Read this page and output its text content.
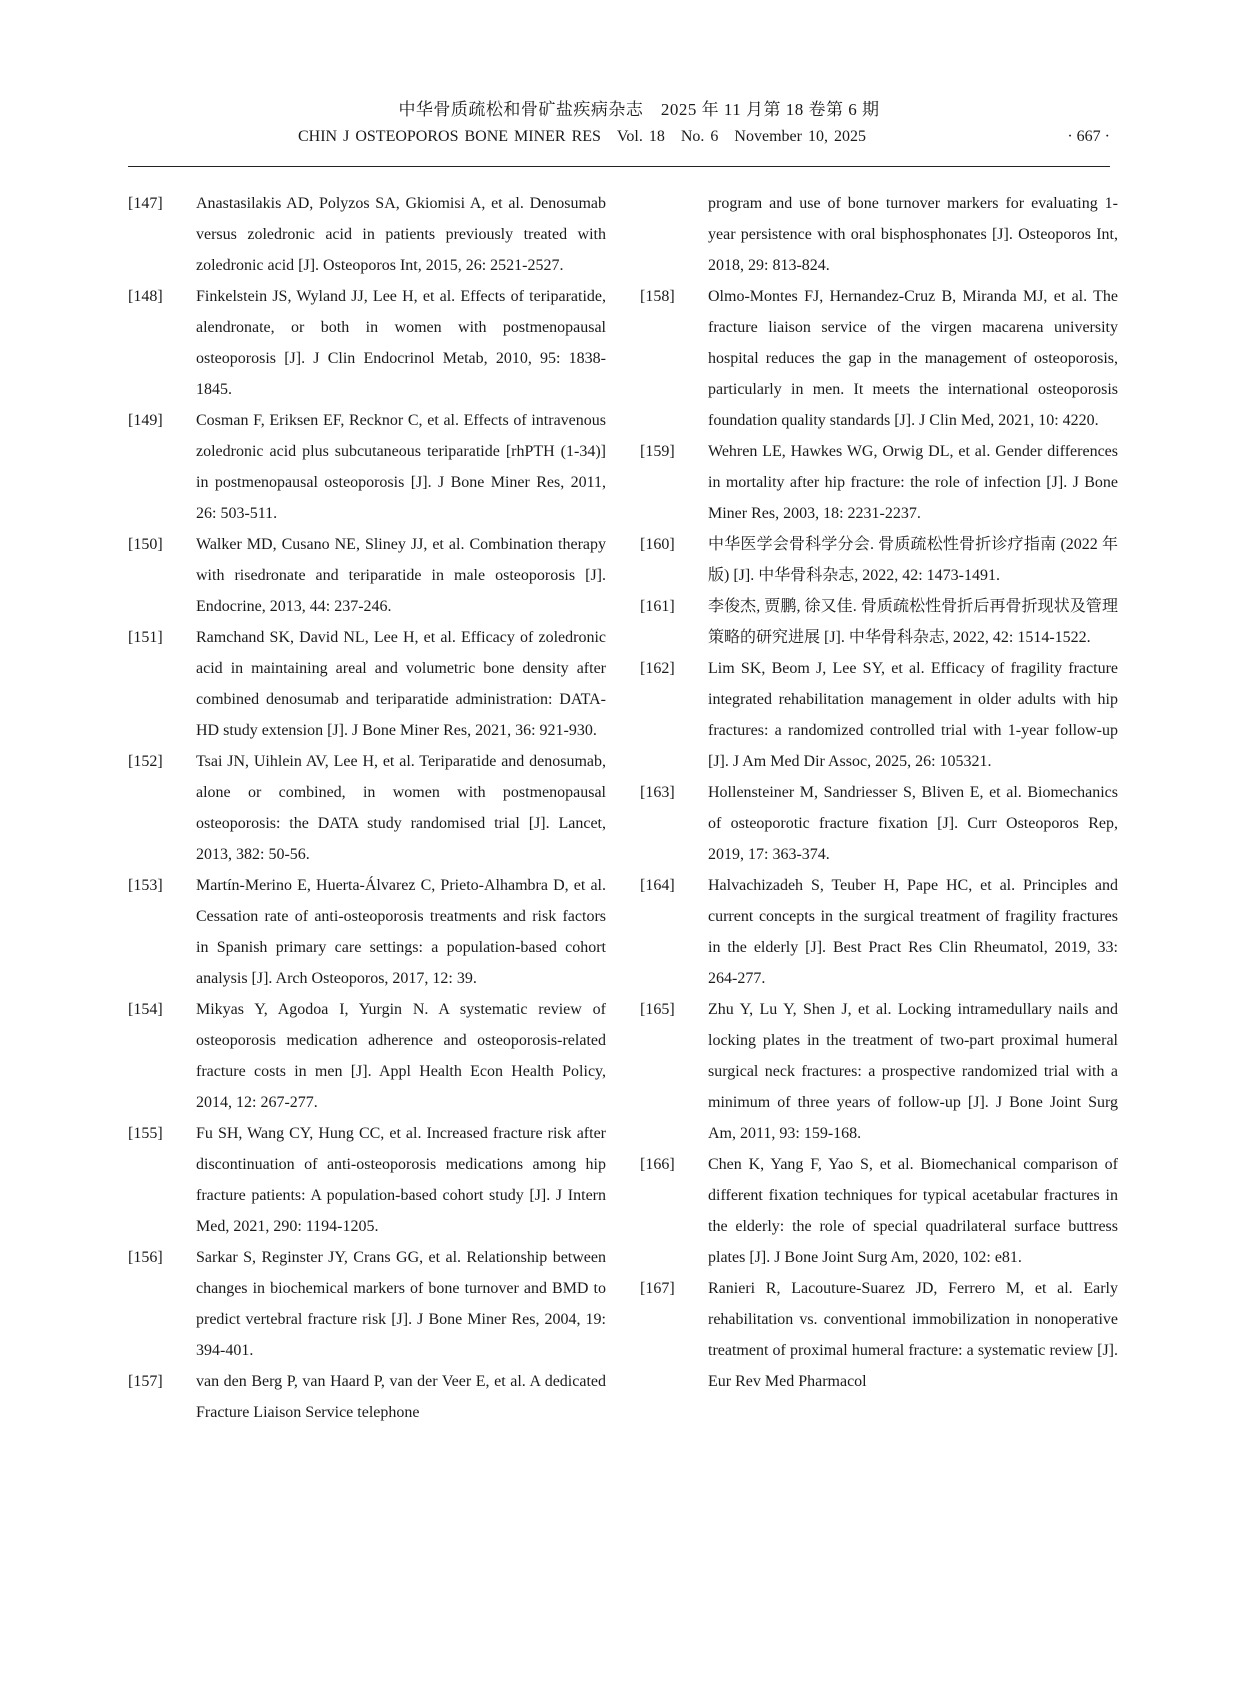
中华骨质疏松和骨矿盐疾病杂志　2025 年 11 月第 18 卷第 6 期
CHIN J OSTEOPOROS BONE MINER RES　Vol. 18　No. 6　November 10, 2025	· 667 ·
[147] Anastasilakis AD, Polyzos SA, Gkiomisi A, et al. Denosumab versus zoledronic acid in patients previously treated with zoledronic acid [J]. Osteoporos Int, 2015, 26: 2521-2527.
[148] Finkelstein JS, Wyland JJ, Lee H, et al. Effects of teriparatide, alendronate, or both in women with postmenopausal osteoporosis [J]. J Clin Endocrinol Metab, 2010, 95: 1838-1845.
[149] Cosman F, Eriksen EF, Recknor C, et al. Effects of intravenous zoledronic acid plus subcutaneous teriparatide [rhPTH (1-34)] in postmenopausal osteoporosis [J]. J Bone Miner Res, 2011, 26: 503-511.
[150] Walker MD, Cusano NE, Sliney JJ, et al. Combination therapy with risedronate and teriparatide in male osteoporosis [J]. Endocrine, 2013, 44: 237-246.
[151] Ramchand SK, David NL, Lee H, et al. Efficacy of zoledronic acid in maintaining areal and volumetric bone density after combined denosumab and teriparatide administration: DATA-HD study extension [J]. J Bone Miner Res, 2021, 36: 921-930.
[152] Tsai JN, Uihlein AV, Lee H, et al. Teriparatide and denosumab, alone or combined, in women with postmenopausal osteoporosis: the DATA study randomised trial [J]. Lancet, 2013, 382: 50-56.
[153] Martín-Merino E, Huerta-Álvarez C, Prieto-Alhambra D, et al. Cessation rate of anti-osteoporosis treatments and risk factors in Spanish primary care settings: a population-based cohort analysis [J]. Arch Osteoporos, 2017, 12: 39.
[154] Mikyas Y, Agodoa I, Yurgin N. A systematic review of osteoporosis medication adherence and osteoporosis-related fracture costs in men [J]. Appl Health Econ Health Policy, 2014, 12: 267-277.
[155] Fu SH, Wang CY, Hung CC, et al. Increased fracture risk after discontinuation of anti-osteoporosis medications among hip fracture patients: A population-based cohort study [J]. J Intern Med, 2021, 290: 1194-1205.
[156] Sarkar S, Reginster JY, Crans GG, et al. Relationship between changes in biochemical markers of bone turnover and BMD to predict vertebral fracture risk [J]. J Bone Miner Res, 2004, 19: 394-401.
[157] van den Berg P, van Haard P, van der Veer E, et al. A dedicated Fracture Liaison Service telephone
program and use of bone turnover markers for evaluating 1-year persistence with oral bisphosphonates [J]. Osteoporos Int, 2018, 29: 813-824.
[158] Olmo-Montes FJ, Hernandez-Cruz B, Miranda MJ, et al. The fracture liaison service of the virgen macarena university hospital reduces the gap in the management of osteoporosis, particularly in men. It meets the international osteoporosis foundation quality standards [J]. J Clin Med, 2021, 10: 4220.
[159] Wehren LE, Hawkes WG, Orwig DL, et al. Gender differences in mortality after hip fracture: the role of infection [J]. J Bone Miner Res, 2003, 18: 2231-2237.
[160] 中华医学会骨科学分会. 骨质疏松性骨折诊疗指南 (2022 年版) [J]. 中华骨科杂志, 2022, 42: 1473-1491.
[161] 李俊杰, 贾鹏, 徐又佳. 骨质疏松性骨折后再骨折现状及管理策略的研究进展 [J]. 中华骨科杂志, 2022, 42: 1514-1522.
[162] Lim SK, Beom J, Lee SY, et al. Efficacy of fragility fracture integrated rehabilitation management in older adults with hip fractures: a randomized controlled trial with 1-year follow-up [J]. J Am Med Dir Assoc, 2025, 26: 105321.
[163] Hollensteiner M, Sandriesser S, Bliven E, et al. Biomechanics of osteoporotic fracture fixation [J]. Curr Osteoporos Rep, 2019, 17: 363-374.
[164] Halvachizadeh S, Teuber H, Pape HC, et al. Principles and current concepts in the surgical treatment of fragility fractures in the elderly [J]. Best Pract Res Clin Rheumatol, 2019, 33: 264-277.
[165] Zhu Y, Lu Y, Shen J, et al. Locking intramedullary nails and locking plates in the treatment of two-part proximal humeral surgical neck fractures: a prospective randomized trial with a minimum of three years of follow-up [J]. J Bone Joint Surg Am, 2011, 93: 159-168.
[166] Chen K, Yang F, Yao S, et al. Biomechanical comparison of different fixation techniques for typical acetabular fractures in the elderly: the role of special quadrilateral surface buttress plates [J]. J Bone Joint Surg Am, 2020, 102: e81.
[167] Ranieri R, Lacouture-Suarez JD, Ferrero M, et al. Early rehabilitation vs. conventional immobilization in nonoperative treatment of proximal humeral fracture: a systematic review [J]. Eur Rev Med Pharmacol
